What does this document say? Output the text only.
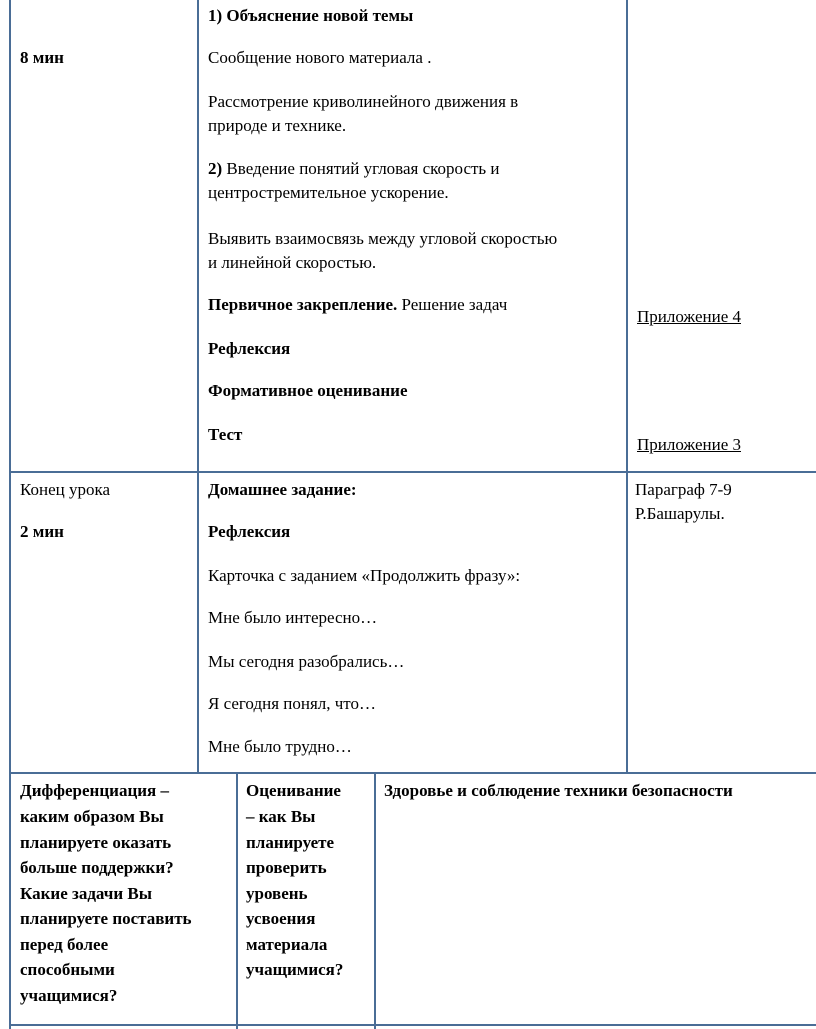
8 мин
1) Объяснение новой темы
Сообщение нового материала .
Рассмотрение криволинейного движения в
природе и технике.
2) Введение понятий угловая скорость и
центростремительное ускорение.
Выявить взаимосвязь между угловой скоростью
и линейной скоростью.
Первичное закрепление. Решение задач
Рефлексия
Формативное оценивание
Тест
Приложение 4
Приложение 3
Конец урока
2 мин
Домашнее задание:
Рефлексия
Карточка с заданием «Продолжить фразу»:
Мне было интересно…
Мы сегодня разобрались…
Я сегодня понял, что…
Мне было трудно…
Параграф 7-9
Р.Башарулы.
Дифференциация –
каким образом Вы
планируете оказать
больше поддержки?
Какие задачи Вы
планируете поставить
перед более
способными
учащимися?
Оценивание
– как Вы
планируете
проверить
уровень
усвоения
материала
учащимися?
Здоровье и соблюдение техники безопасности
